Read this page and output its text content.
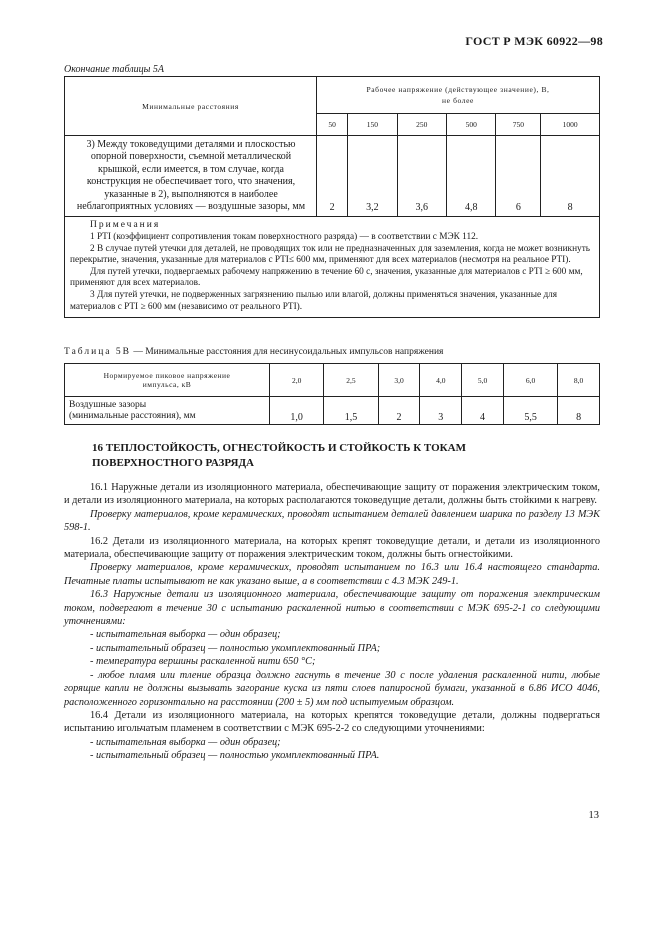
ГОСТ Р МЭК 60922—98
Окончание таблицы 5А
Минимальные расстояния	Рабочее напряжение (действующее значение), В,
не более					

	50	150	250	500	750	1000
3) Между токоведущими деталями и плоскостью опорной поверхности, съемной металлической крышкой, если имеется, в том случае, когда конструкция не обеспечивает того, что значения, указанные в 2), выполняются в наиболее неблагоприятных условиях — воздушные зазоры, мм	2	3,2	3,6	4,8	6	8

Примечания
1 PTI (коэффициент сопротивления токам поверхностного разряда) — в соответствии с МЭК 112.
2 В случае путей утечки для деталей, не проводящих ток или не предназначенных для заземления, когда не может возникнуть перекрытие, значения, указанные для материалов с PTI≤ 600 мм, применяют для всех материалов (несмотря на реальное PTI).
Для путей утечки, подвергаемых рабочему напряжению в течение 60 с, значения, указанные для материалов с PTI ≥ 600 мм, применяют для всех материалов.
3 Для путей утечки, не подверженных загрязнению пылью или влагой, должны применяться значения, указанные для материалов с PTI ≥ 600 мм (независимо от реального PTI).						
Таблица 5В — Минимальные расстояния для несинусоидальных импульсов напряжения
Нормируемое пиковое напряжение
импульса, кВ	2,0	2,5	3,0	4,0	5,0	6,0	8,0

Воздушные зазоры
(минимальные расстояния), мм	1,0	1,5	2	3	4	5,5	8
16 ТЕПЛОСТОЙКОСТЬ, ОГНЕСТОЙКОСТЬ И СТОЙКОСТЬ К ТОКАМ
ПОВЕРХНОСТНОГО РАЗРЯДА

16.1 Наружные детали из изоляционного материала, обеспечивающие защиту от поражения электрическим током, и детали из изоляционного материала, на которых располагаются токоведущие детали, должны быть стойкими к нагреву.

Проверку материалов, кроме керамических, проводят испытанием деталей давлением шарика по разделу 13 МЭК 598-1.

16.2 Детали из изоляционного материала, на которых крепят токоведущие детали, и детали из изоляционного материала, обеспечивающие защиту от поражения электрическим током, должны быть огнестойкими.

Проверку материалов, кроме керамических, проводят испытанием по 16.3 или 16.4 настоящего стандарта. Печатные платы испытывают не как указано выше, а в соответствии с 4.3 МЭК 249-1.

16.3 Наружные детали из изоляционного материала, обеспечивающие защиту от поражения электрическим током, подвергают в течение 30 с испытанию раскаленной нитью в соответствии с МЭК 695-2-1 со следующими уточнениями:

- испытательная выборка — один образец;

- испытательный образец — полностью укомплектованный ПРА;

- температура вершины раскаленной нити 650 °С;

- любое пламя или тление образца должно гаснуть в течение 30 с после удаления раскаленной нити, любые горящие капли не должны вызывать загорание куска из пяти слоев папиросной бумаги, указанной в 6.86 ИСО 4046, расположенного горизонтально на расстоянии (200 ± 5) мм под испытуемым образцом.

16.4 Детали из изоляционного материала, на которых крепятся токоведущие детали, должны подвергаться испытанию игольчатым пламенем в соответствии с МЭК 695-2-2 со следующими уточнениями:

- испытательная выборка — один образец;

- испытательный образец — полностью укомплектованный ПРА.

13
